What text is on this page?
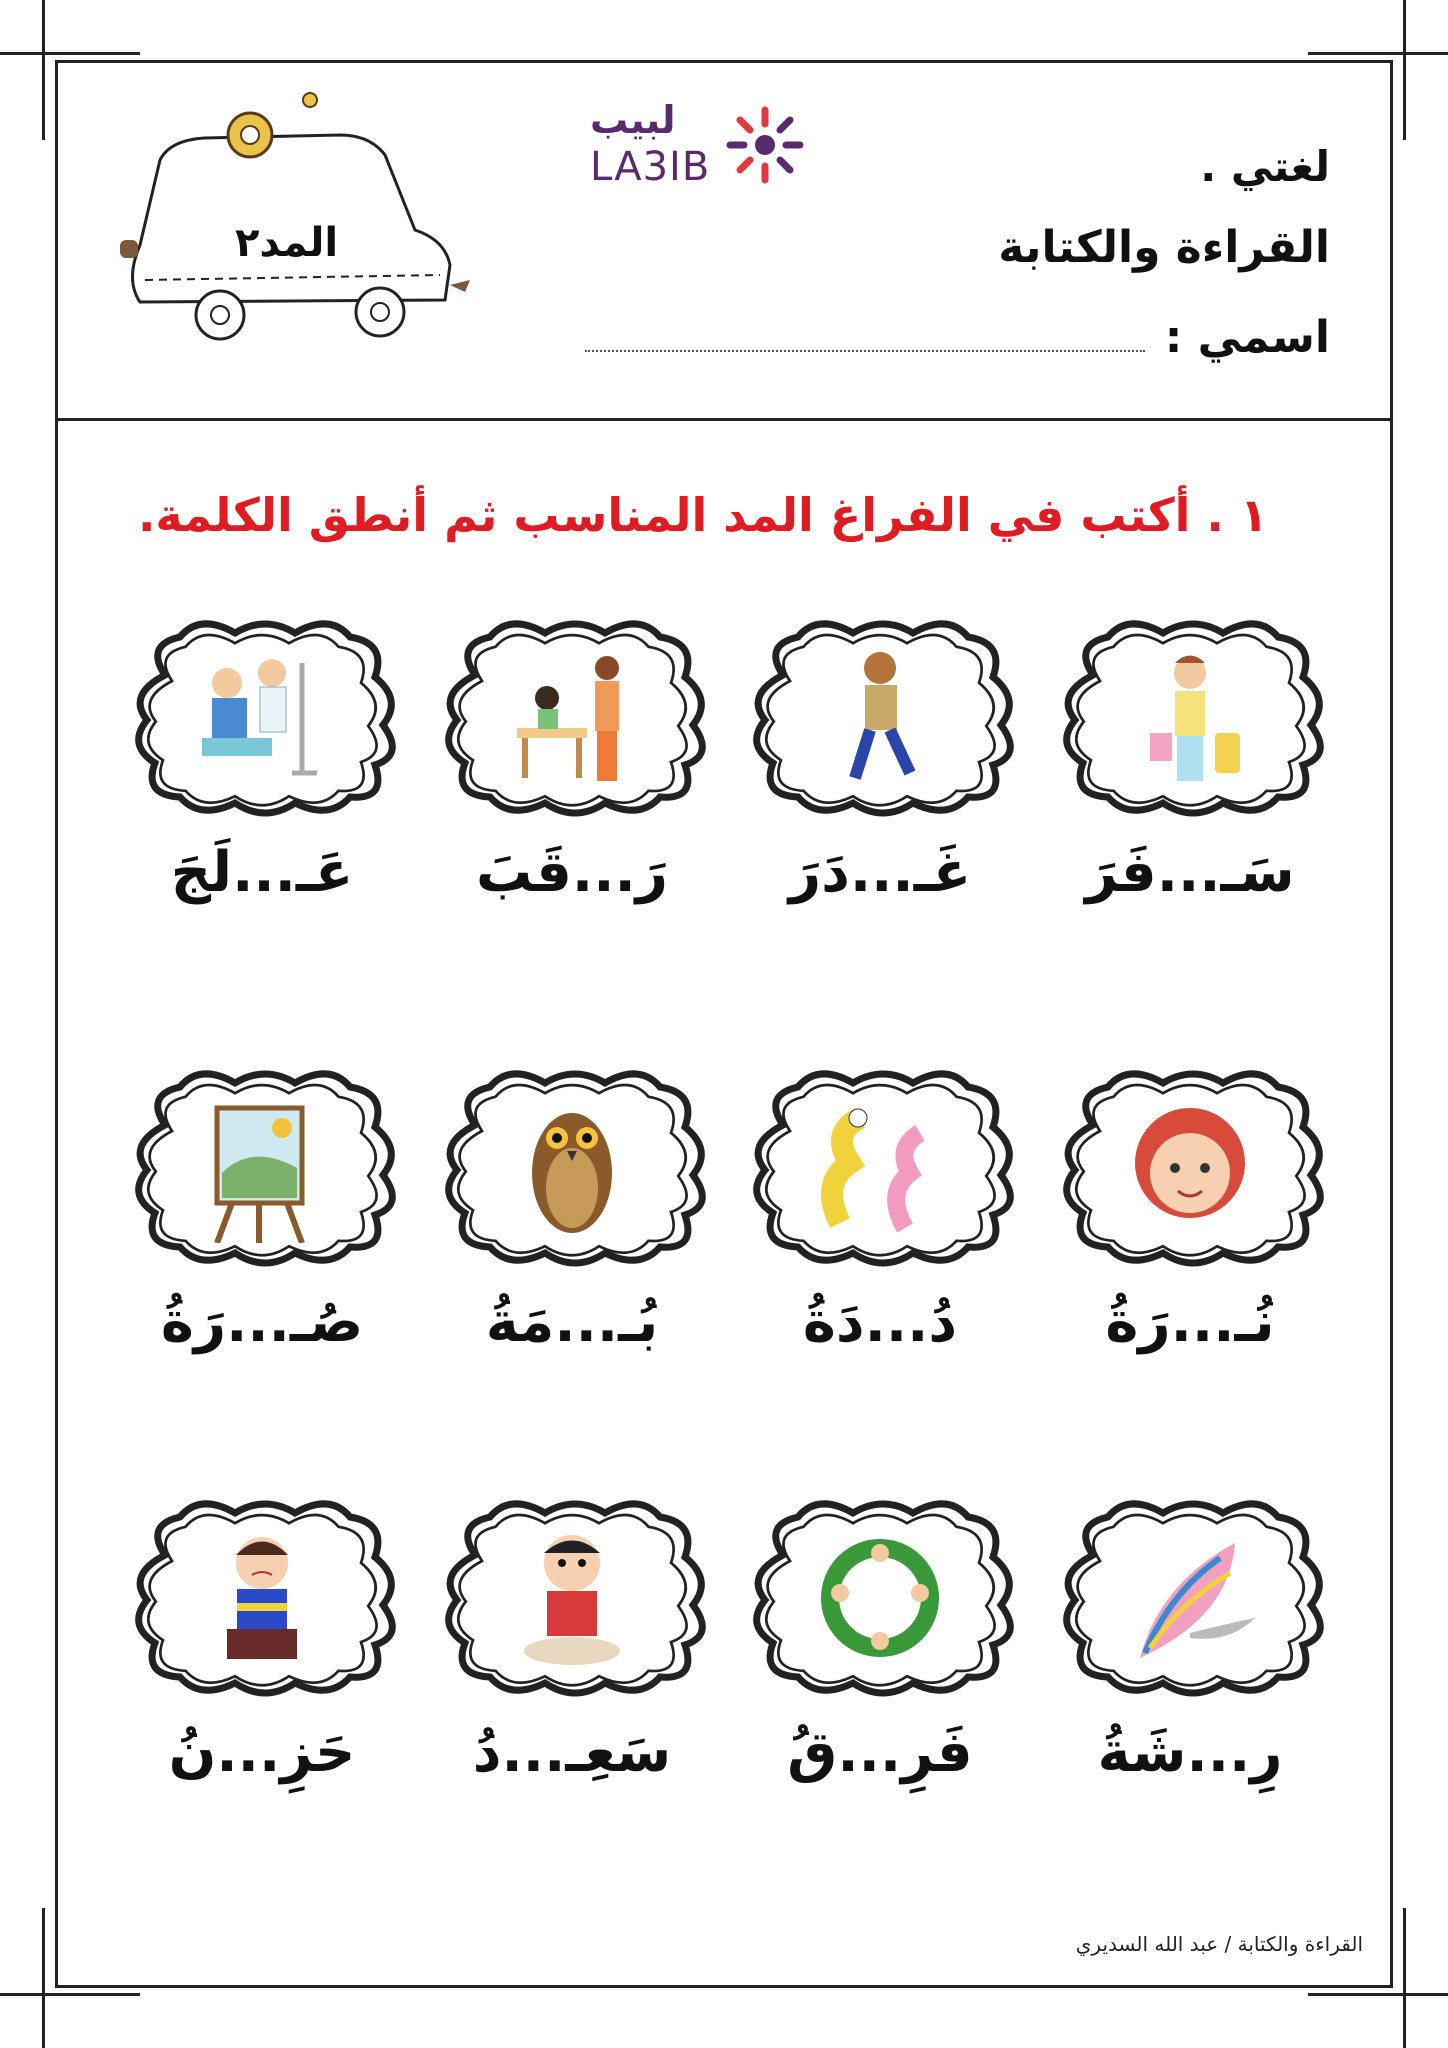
لغتي .
القراءة والكتابة
اسمي :
لبيب
LA3IB
المد٢
١ . أكتب في الفراغ المد المناسب ثم أنطق الكلمة.
سَـ...فَرَ
غَـ...دَرَ
رَ...قَبَ
عَـ...لَجَ
نُـ...رَةُ
دُ...دَةُ
بُـ...مَةُ
صُـ...رَةُ
رِ...شَةُ
فَرِ...قُ
سَعِـ...دُ
حَزِ...نُ
القراءة والكتابة / عبد الله السديري
